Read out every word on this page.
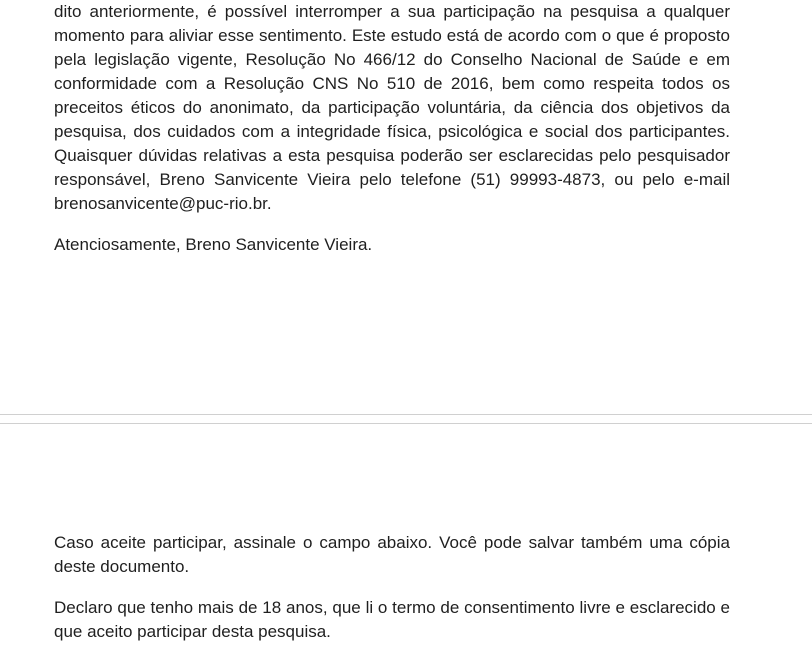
dito anteriormente, é possível interromper a sua participação na pesquisa a qualquer momento para aliviar esse sentimento. Este estudo está de acordo com o que é proposto pela legislação vigente, Resolução No 466/12 do Conselho Nacional de Saúde e em conformidade com a Resolução CNS No 510 de 2016, bem como respeita todos os preceitos éticos do anonimato, da participação voluntária, da ciência dos objetivos da pesquisa, dos cuidados com a integridade física, psicológica e social dos participantes. Quaisquer dúvidas relativas a esta pesquisa poderão ser esclarecidas pelo pesquisador responsável, Breno Sanvicente Vieira pelo telefone (51) 99993-4873, ou pelo e-mail brenosanvicente@puc-rio.br.

Atenciosamente, Breno Sanvicente Vieira.

Caso aceite participar, assinale o campo abaixo. Você pode salvar também uma cópia deste documento.

Declaro que tenho mais de 18 anos, que li o termo de consentimento livre e esclarecido e que aceito participar desta pesquisa.
